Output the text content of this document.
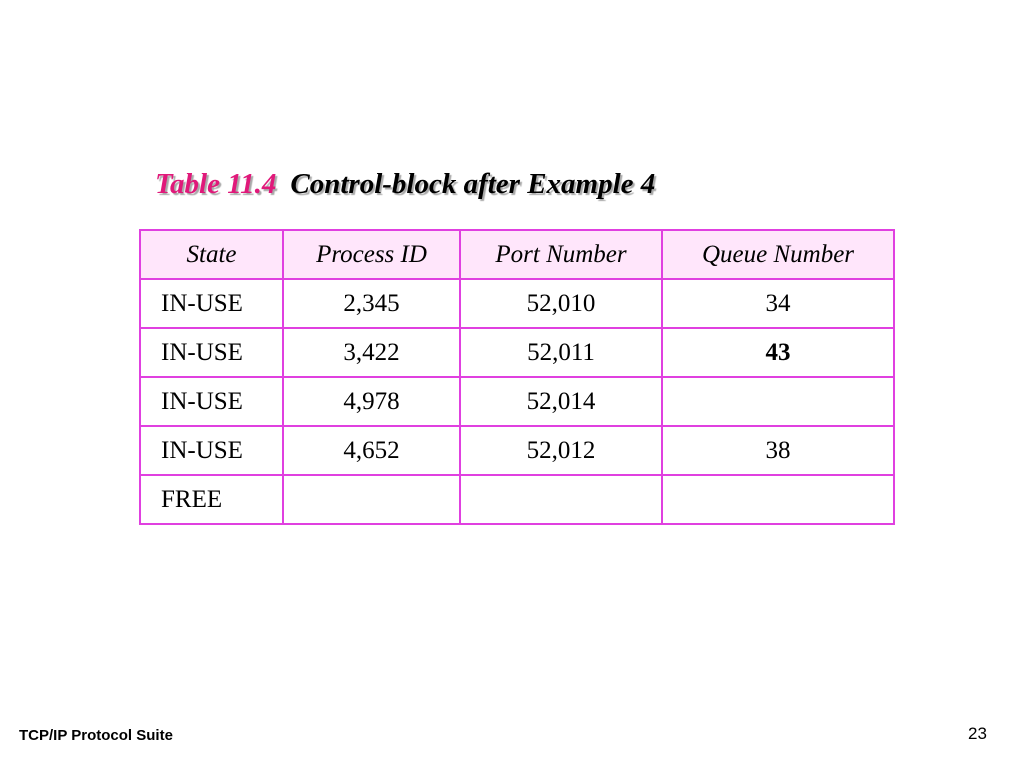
Table 11.4 Control-block after Example 4
State	Process ID	Port Number	Queue Number
IN-USE	2,345	52,010	34
IN-USE	3,422	52,011	43
IN-USE	4,978	52,014	
IN-USE	4,652	52,012	38
FREE			
TCP/IP Protocol Suite	23
